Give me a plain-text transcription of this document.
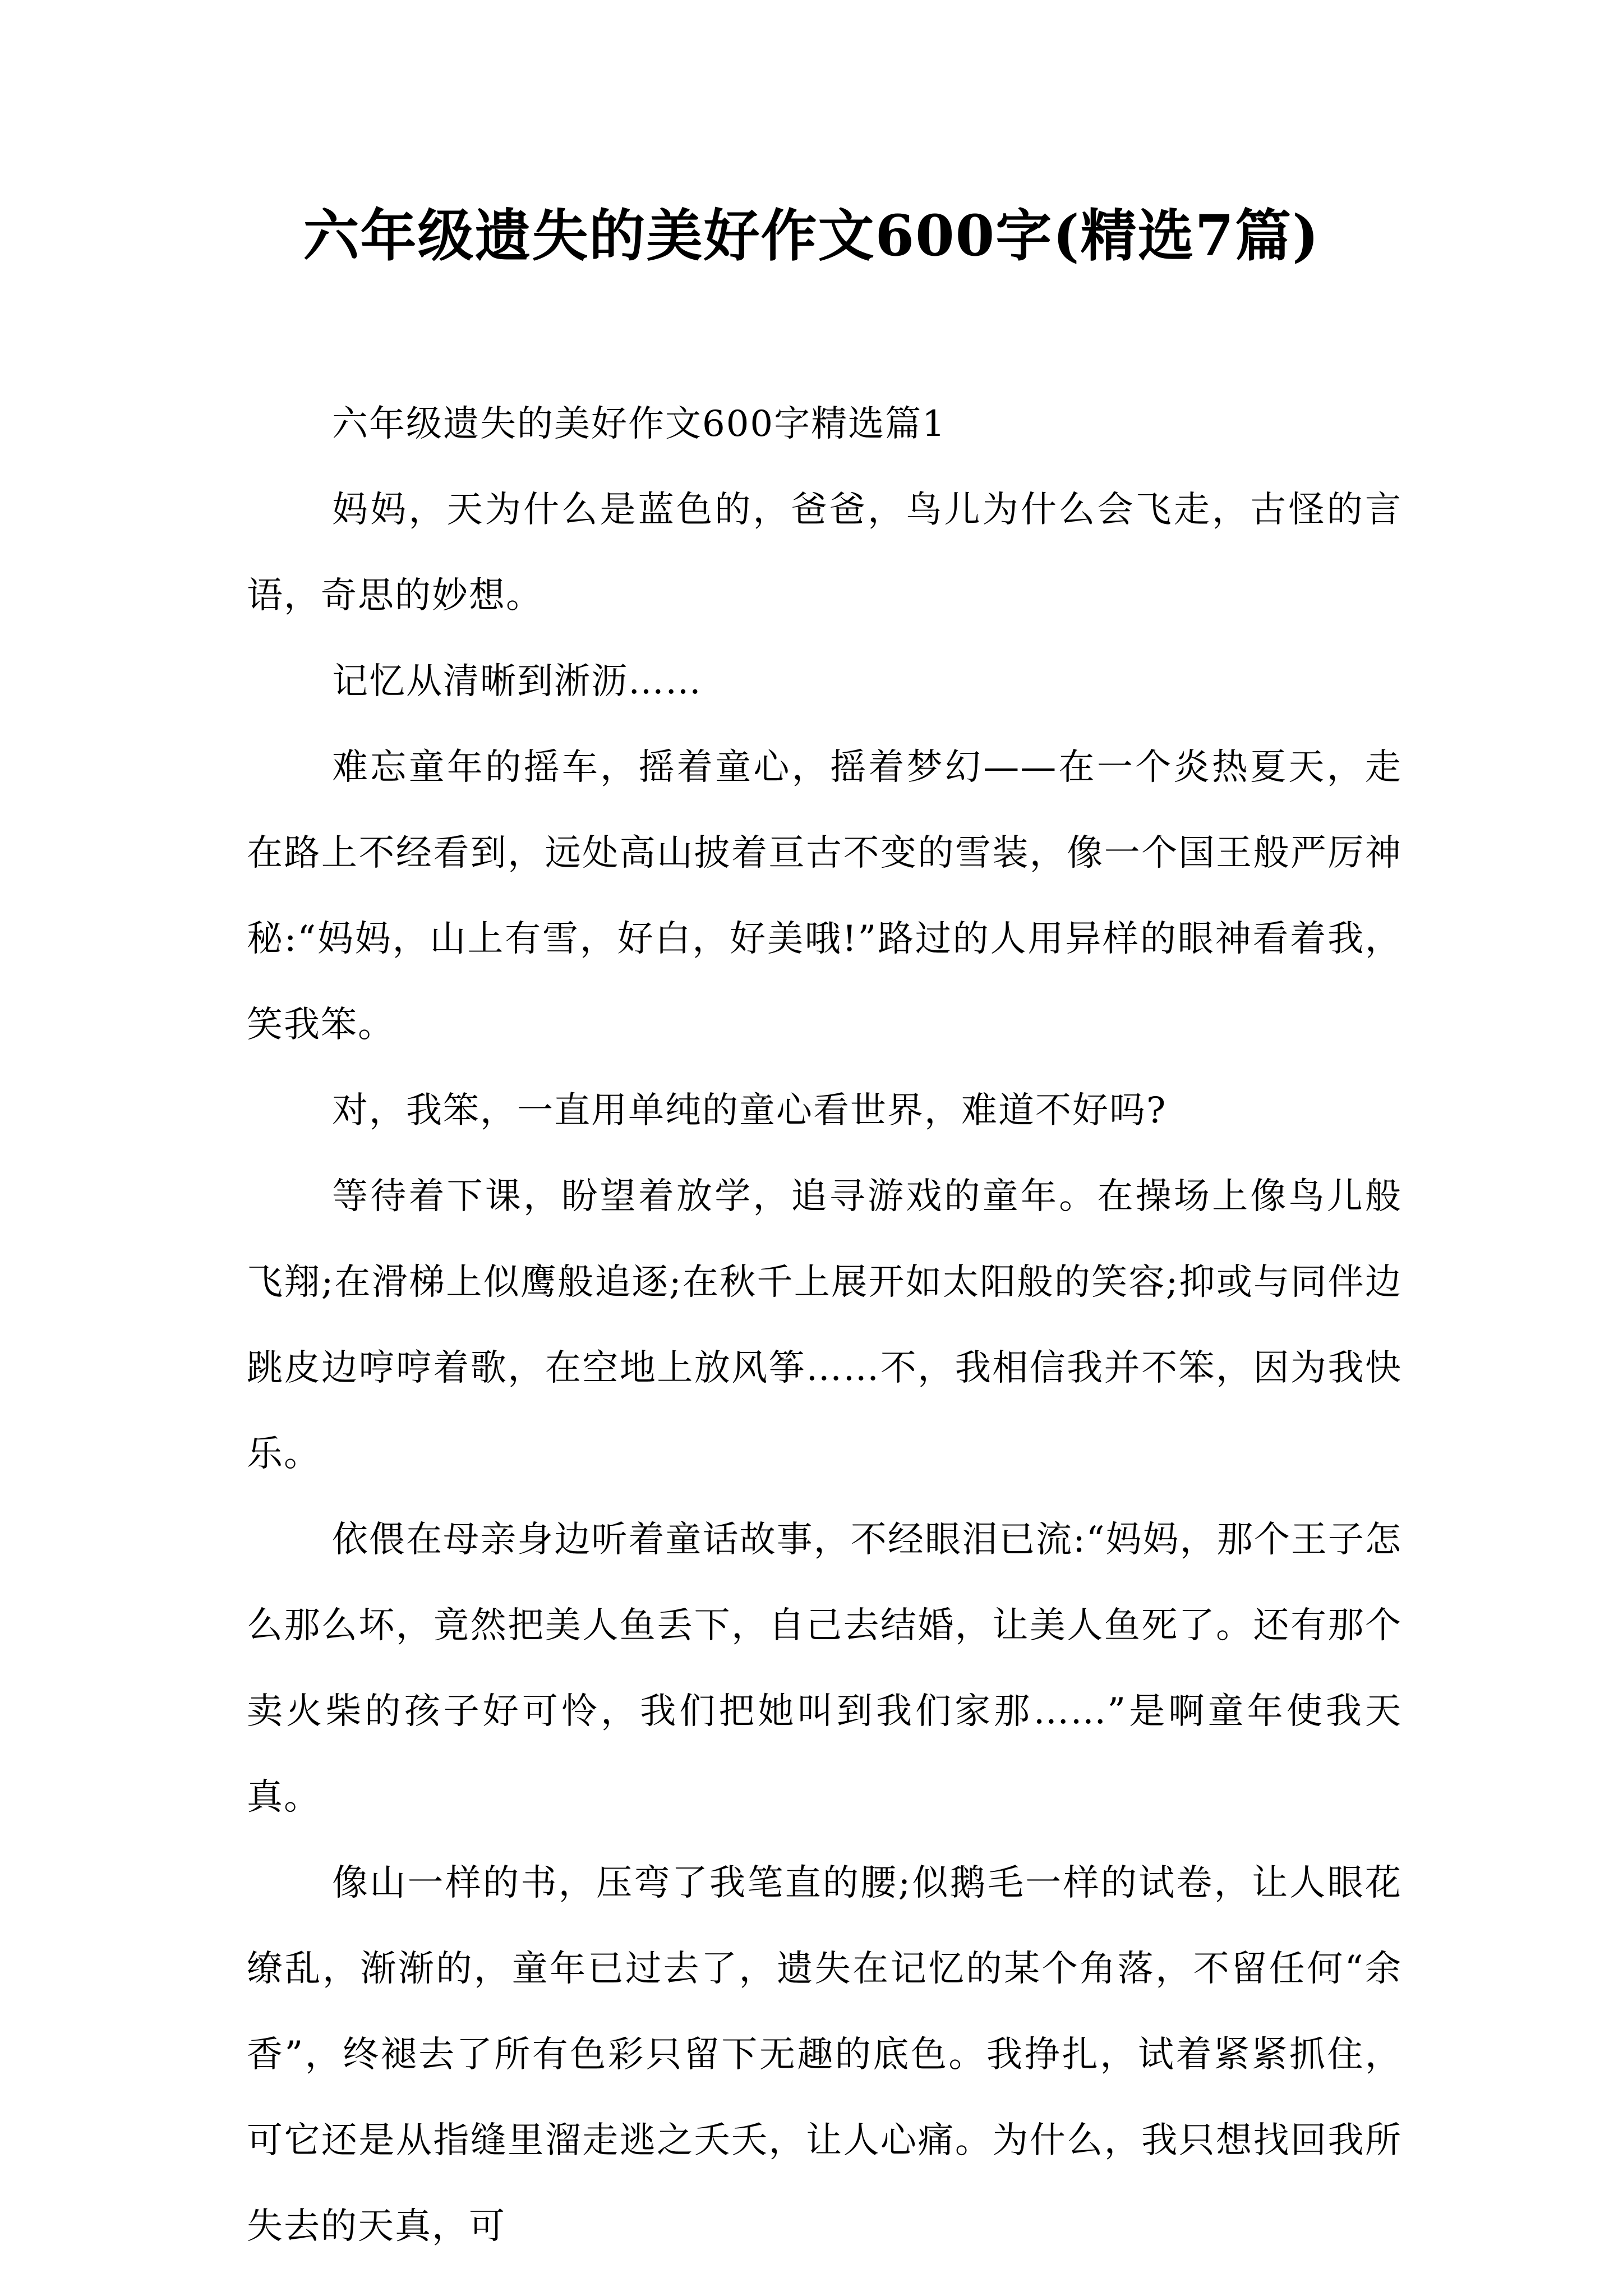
六年级遗失的美好作文600字(精选7篇)

六年级遗失的美好作文600字精选篇1

妈妈，天为什么是蓝色的，爸爸，鸟儿为什么会飞走，古怪的言语，奇思的妙想。

记忆从清晰到淅沥……

难忘童年的摇车，摇着童心，摇着梦幻——在一个炎热夏天，走在路上不经看到，远处高山披着亘古不变的雪装，像一个国王般严厉神秘:“妈妈，山上有雪，好白，好美哦!”路过的人用异样的眼神看着我，笑我笨。

对，我笨，一直用单纯的童心看世界，难道不好吗?

等待着下课，盼望着放学，追寻游戏的童年。在操场上像鸟儿般飞翔;在滑梯上似鹰般追逐;在秋千上展开如太阳般的笑容;抑或与同伴边跳皮边哼哼着歌，在空地上放风筝……不，我相信我并不笨，因为我快乐。

依偎在母亲身边听着童话故事，不经眼泪已流:“妈妈，那个王子怎么那么坏，竟然把美人鱼丢下，自己去结婚，让美人鱼死了。还有那个卖火柴的孩子好可怜，我们把她叫到我们家那……”是啊童年使我天真。

像山一样的书，压弯了我笔直的腰;似鹅毛一样的试卷，让人眼花缭乱，渐渐的，童年已过去了，遗失在记忆的某个角落，不留任何“余香”，终褪去了所有色彩只留下无趣的底色。我挣扎，试着紧紧抓住，可它还是从指缝里溜走逃之夭夭，让人心痛。为什么，我只想找回我所失去的天真，可
